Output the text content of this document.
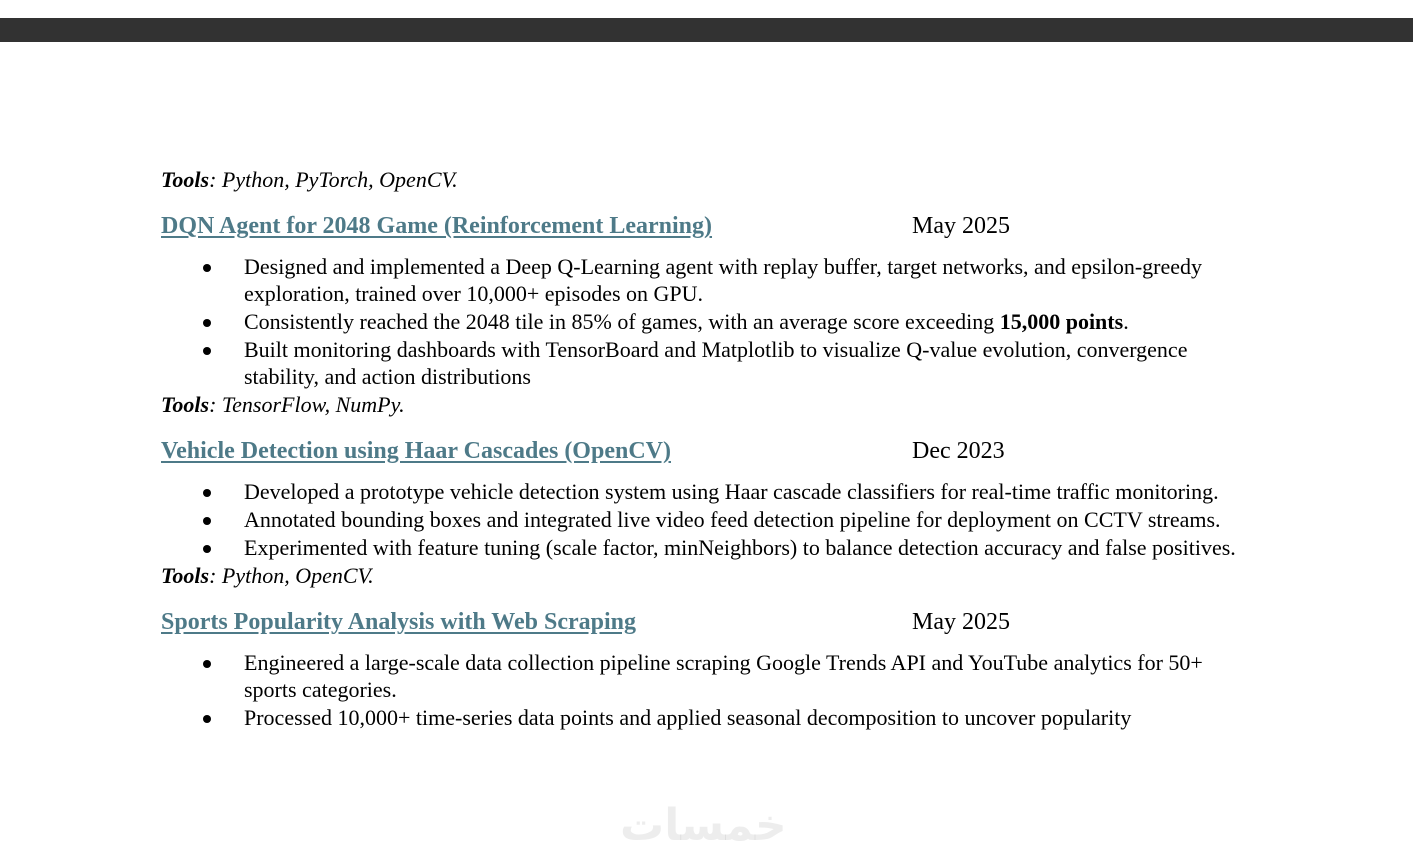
Tools: Python, PyTorch, OpenCV.

DQN Agent for 2048 Game (Reinforcement Learning)	May 2025
Designed and implemented a Deep Q-Learning agent with replay buffer, target networks, and epsilon-greedy exploration, trained over 10,000+ episodes on GPU.
Consistently reached the 2048 tile in 85% of games, with an average score exceeding 15,000 points.
Built monitoring dashboards with TensorBoard and Matplotlib to visualize Q-value evolution, convergence stability, and action distributions

Tools: TensorFlow, NumPy.

Vehicle Detection using Haar Cascades (OpenCV)	Dec 2023
Developed a prototype vehicle detection system using Haar cascade classifiers for real-time traffic monitoring.
Annotated bounding boxes and integrated live video feed detection pipeline for deployment on CCTV streams.
Experimented with feature tuning (scale factor, minNeighbors) to balance detection accuracy and false positives.

Tools: Python, OpenCV.

Sports Popularity Analysis with Web Scraping	May 2025
Engineered a large-scale data collection pipeline scraping Google Trends API and YouTube analytics for 50+ sports categories.
Processed 10,000+ time-series data points and applied seasonal decomposition to uncover popularity
